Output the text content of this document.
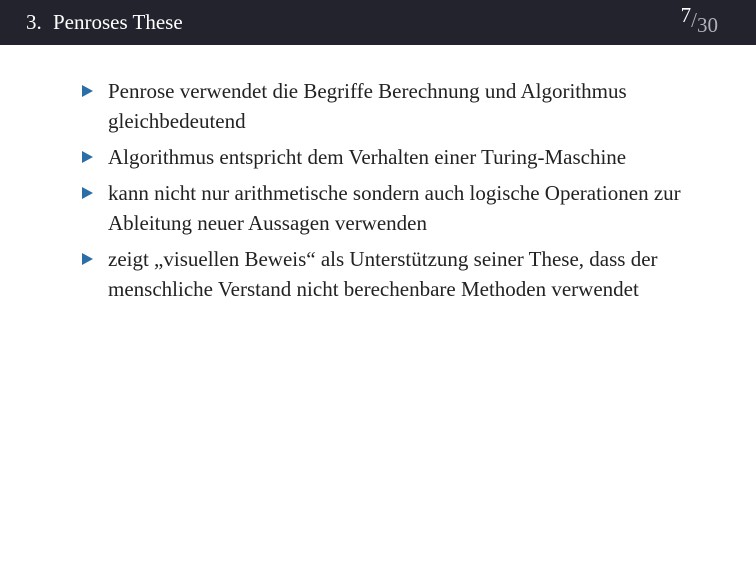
3. Penroses These	7/30
Penrose verwendet die Begriffe Berechnung und Algorithmus gleichbedeutend
Algorithmus entspricht dem Verhalten einer Turing-Maschine
kann nicht nur arithmetische sondern auch logische Operationen zur Ableitung neuer Aussagen verwenden
zeigt „visuellen Beweis“ als Unterstützung seiner These, dass der menschliche Verstand nicht berechenbare Methoden verwendet
